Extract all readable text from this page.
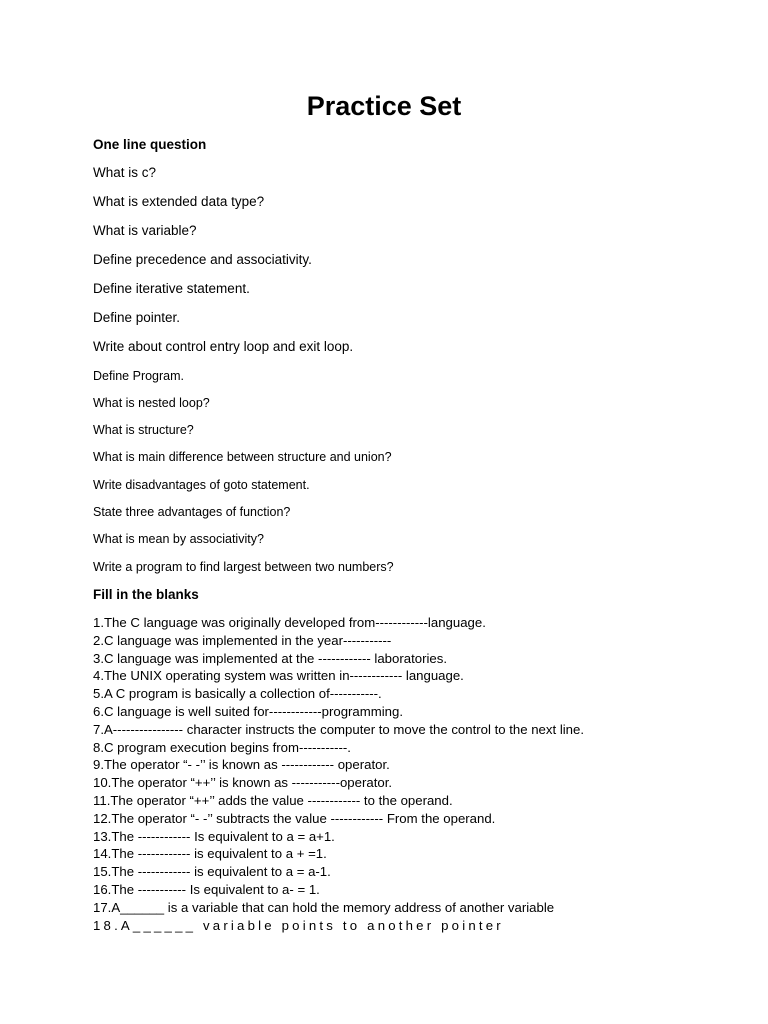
Practice Set
One line question
What is c?
What is extended data type?
What is variable?
Define precedence and associativity.
Define iterative statement.
Define pointer.
Write about control entry loop and exit loop.
Define Program.
What is nested loop?
What is structure?
What is main difference between structure and union?
Write disadvantages of goto statement.
State three advantages of function?
What is mean by associativity?
Write a program to find largest between two numbers?
Fill in the blanks
1.The C language was originally developed from------------language.
2.C language was implemented in the year-----------
3.C language was implemented at the ------------ laboratories.
4.The UNIX operating system was written in------------ language.
5.A C program is basically a collection of-----------.
6.C language is well suited for------------programming.
7.A---------------- character instructs the computer to move the control to the next line.
8.C program execution begins from-----------.
9.The operator “- -’’ is known as ------------ operator.
10.The operator “++’’ is known as -----------operator.
11.The operator “++’’ adds the value ------------ to the operand.
12.The operator “- -’’ subtracts the value ------------ From the operand.
13.The ------------ Is equivalent to a = a+1.
14.The ------------ is equivalent to a + =1.
15.The ------------ is equivalent to a = a-1.
16.The ----------- Is equivalent to a- = 1.
17.A______ is a variable that can hold the memory address of another variable
18.A______ variable points to another pointer
